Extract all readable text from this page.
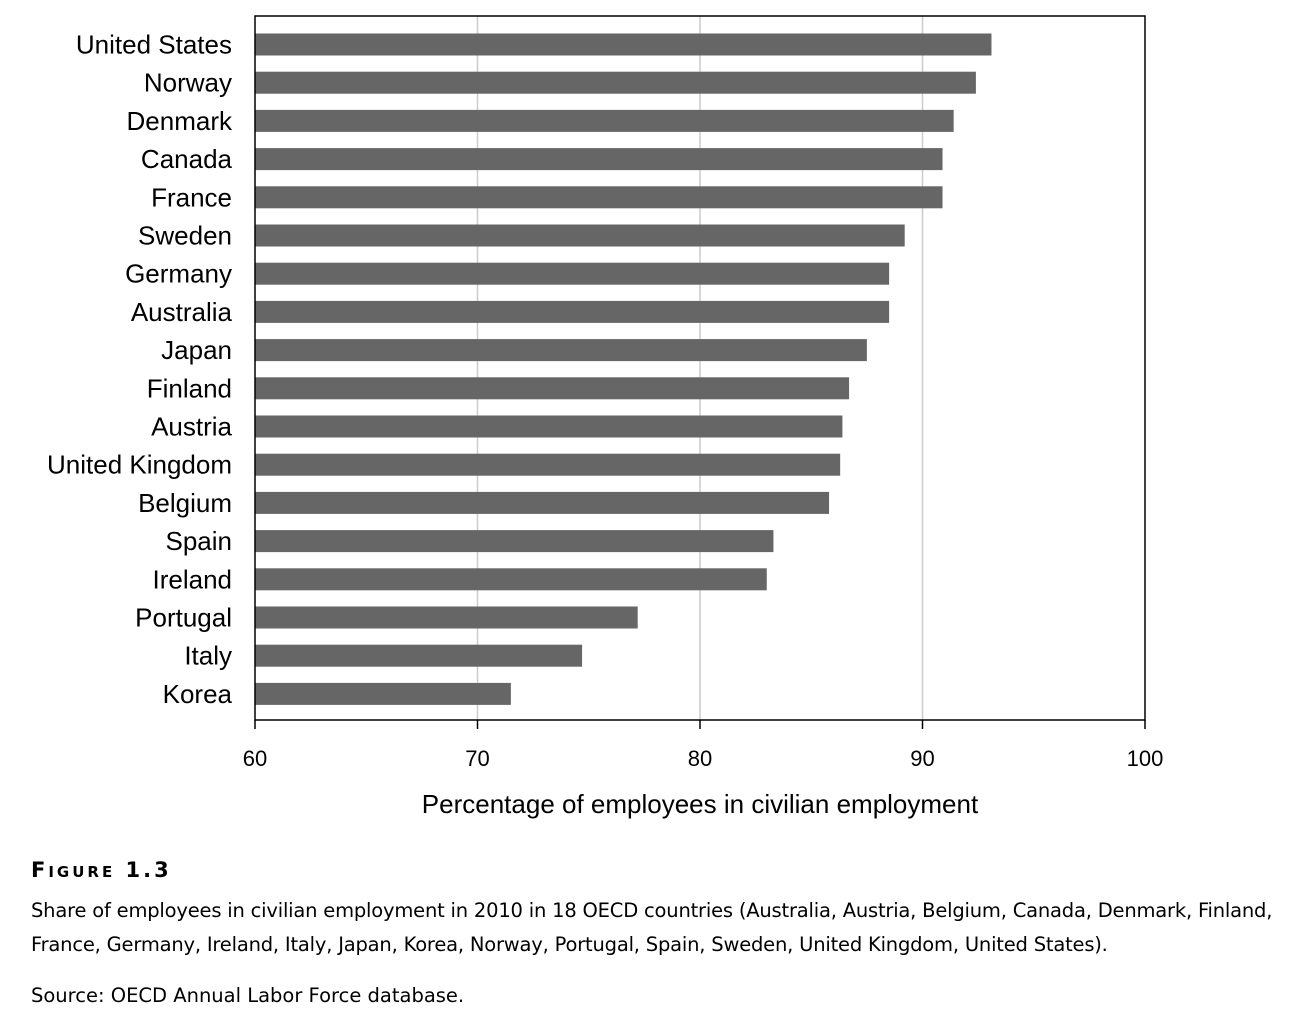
United States
Norway
Denmark
Canada
France
Sweden
Germany
Australia
Japan
Finland
Austria
United Kingdom
Belgium
Spain
Ireland
Portugal
Italy
Korea
60	70	80	90	100
Percentage of employees in civilian employment
Figure 1.3
Share of employees in civilian employment in 2010 in 18 OECD countries (Australia, Austria, Belgium, Canada, Denmark, Finland, France, Germany, Ireland, Italy, Japan, Korea, Norway, Portugal, Spain, Sweden, United Kingdom, United States).
Source: OECD Annual Labor Force database.
